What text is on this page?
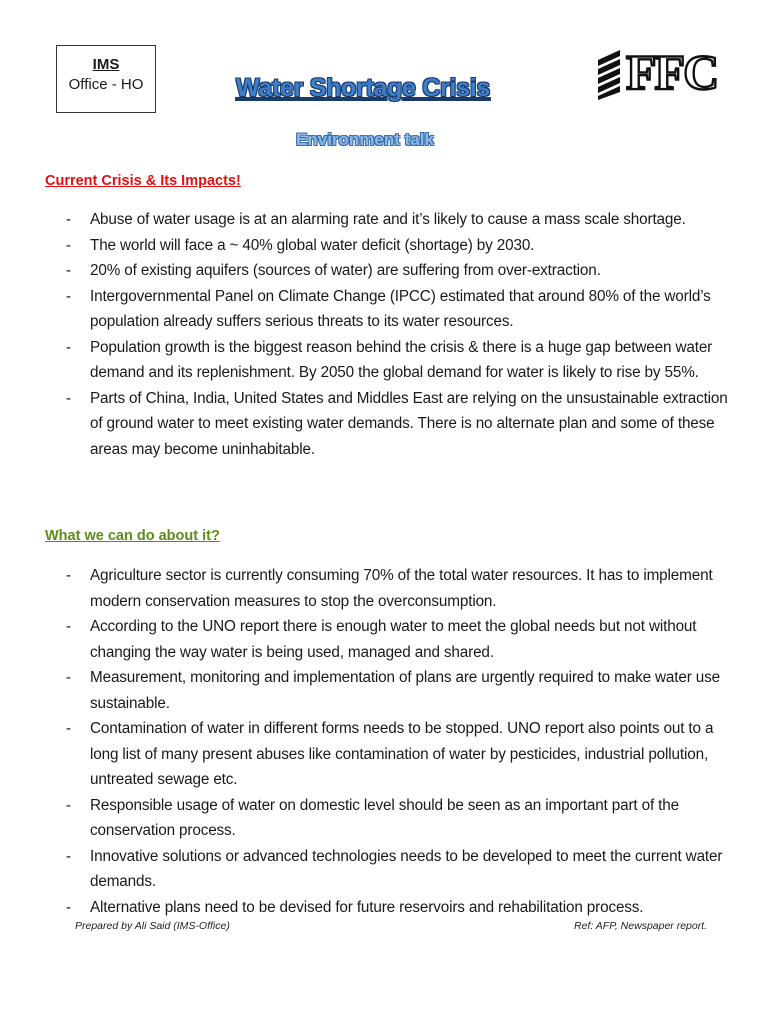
IMS
Office - HO	Water Shortage Crisis
Environment talk
FFC
Current Crisis & Its Impacts!
- Abuse of water usage is at an alarming rate and it’s likely to cause a mass scale shortage.
- The world will face a ~ 40% global water deficit (shortage) by 2030.
- 20% of existing aquifers (sources of water) are suffering from over-extraction.
- Intergovernmental Panel on Climate Change (IPCC) estimated that around 80% of the world’s population already suffers serious threats to its water resources.
- Population growth is the biggest reason behind the crisis & there is a huge gap between water demand and its replenishment. By 2050 the global demand for water is likely to rise by 55%.
- Parts of China, India, United States and Middles East are relying on the unsustainable extraction of ground water to meet existing water demands. There is no alternate plan and some of these areas may become uninhabitable.
What we can do about it?
- Agriculture sector is currently consuming 70% of the total water resources. It has to implement modern conservation measures to stop the overconsumption.
- According to the UNO report there is enough water to meet the global needs but not without changing the way water is being used, managed and shared.
- Measurement, monitoring and implementation of plans are urgently required to make water use sustainable.
- Contamination of water in different forms needs to be stopped. UNO report also points out to a long list of many present abuses like contamination of water by pesticides, industrial pollution, untreated sewage etc.
- Responsible usage of water on domestic level should be seen as an important part of the conservation process.
- Innovative solutions or advanced technologies needs to be developed to meet the current water demands.
- Alternative plans need to be devised for future reservoirs and rehabilitation process.
Prepared by Ali Said (IMS-Office)	Ref: AFP, Newspaper report.
